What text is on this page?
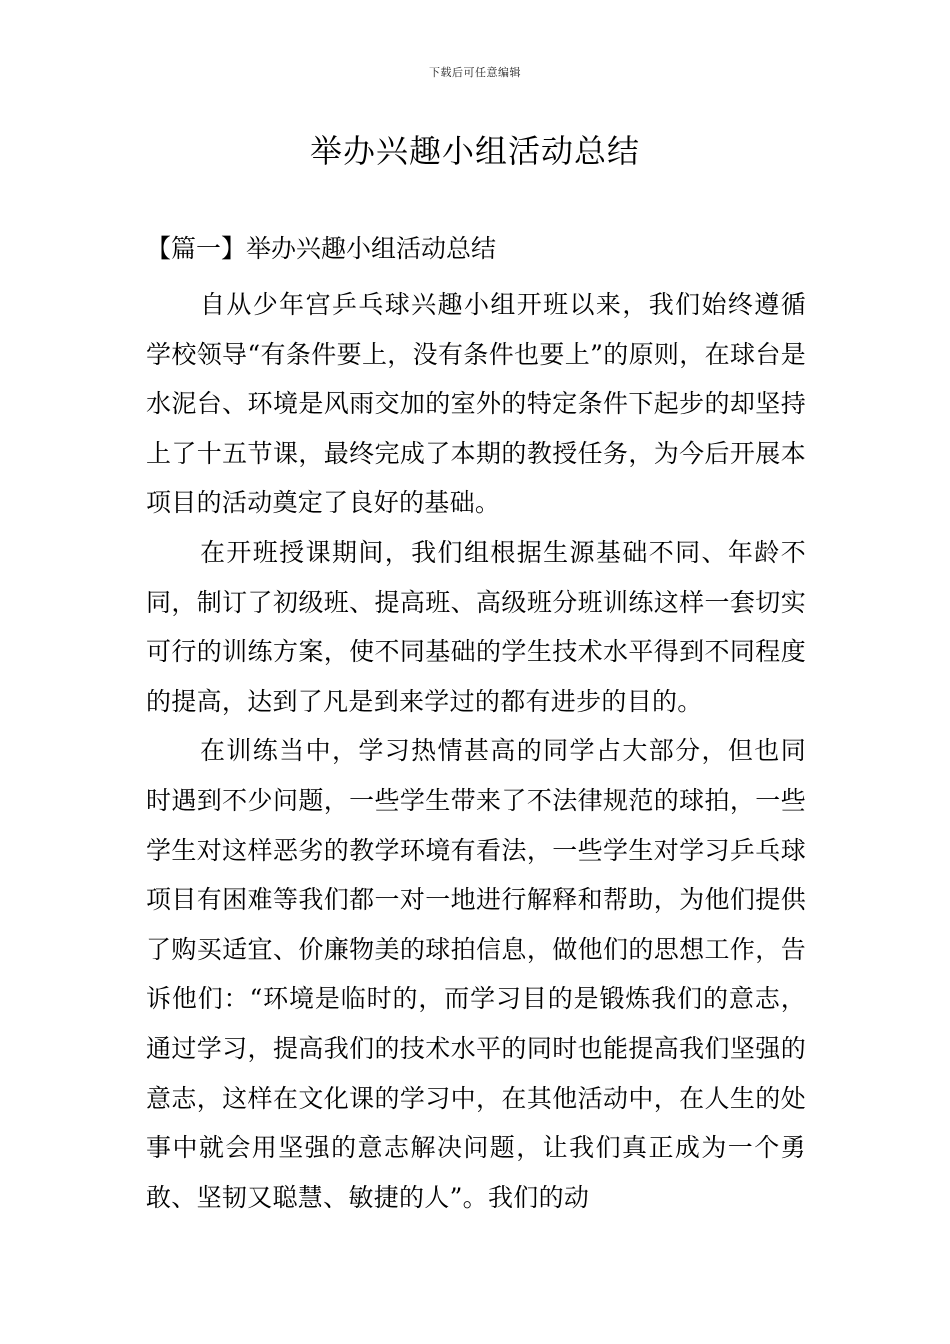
下载后可任意编辑
举办兴趣小组活动总结
【篇一】举办兴趣小组活动总结

自从少年宫乒乓球兴趣小组开班以来，我们始终遵循学校领导“有条件要上，没有条件也要上”的原则，在球台是水泥台、环境是风雨交加的室外的特定条件下起步的却坚持上了十五节课，最终完成了本期的教授任务，为今后开展本项目的活动奠定了良好的基础。

在开班授课期间，我们组根据生源基础不同、年龄不同，制订了初级班、提高班、高级班分班训练这样一套切实可行的训练方案，使不同基础的学生技术水平得到不同程度的提高，达到了凡是到来学过的都有进步的目的。

在训练当中，学习热情甚高的同学占大部分，但也同时遇到不少问题，一些学生带来了不法律规范的球拍，一些学生对这样恶劣的教学环境有看法，一些学生对学习乒乓球项目有困难等我们都一对一地进行解释和帮助，为他们提供了购买适宜、价廉物美的球拍信息，做他们的思想工作，告诉他们：“环境是临时的，而学习目的是锻炼我们的意志，通过学习，提高我们的技术水平的同时也能提高我们坚强的意志，这样在文化课的学习中，在其他活动中，在人生的处事中就会用坚强的意志解决问题，让我们真正成为一个勇敢、坚韧又聪慧、敏捷的人”。我们的动
